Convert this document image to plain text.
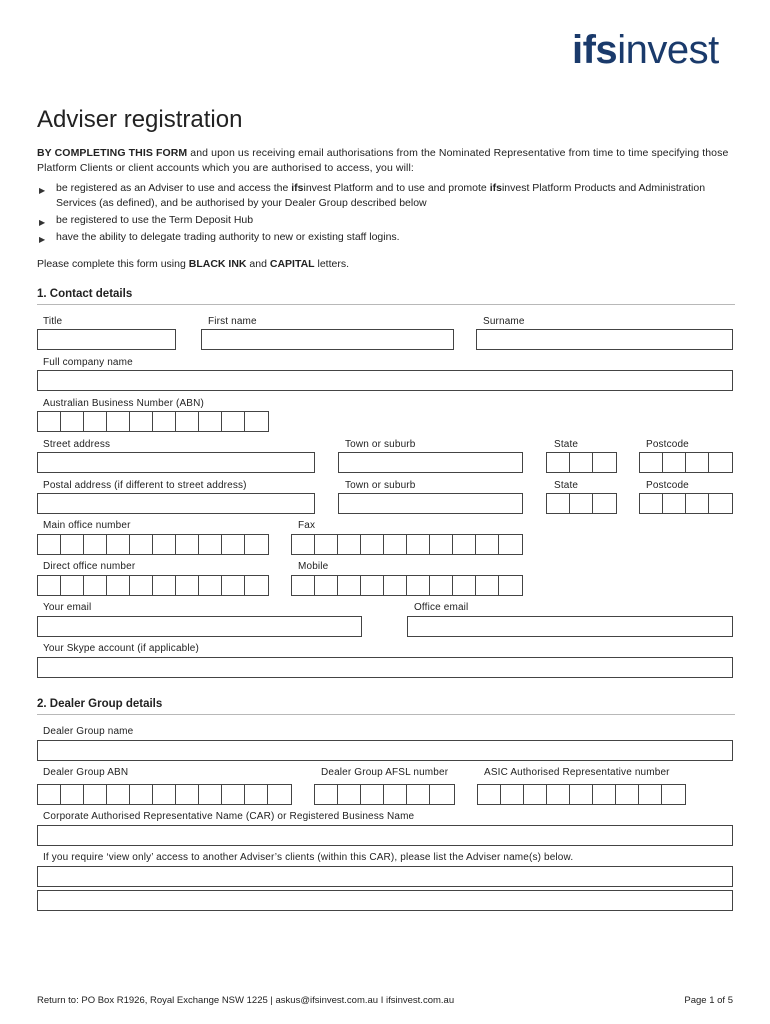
ifsinvest
Adviser registration
BY COMPLETING THIS FORM and upon us receiving email authorisations from the Nominated Representative from time to time specifying those Platform Clients or client accounts which you are authorised to access, you will:
▶ be registered as an Adviser to use and access the ifsinvest Platform and to use and promote ifsinvest Platform Products and Administration Services (as defined), and be authorised by your Dealer Group described below
▶ be registered to use the Term Deposit Hub
▶ have the ability to delegate trading authority to new or existing staff logins.
Please complete this form using BLACK INK and CAPITAL letters.
1. Contact details
Title	First name	Surname
Full company name
Australian Business Number (ABN)
Street address	Town or suburb	State	Postcode
Postal address (if different to street address)	Town or suburb	State	Postcode
Main office number	Fax
Direct office number	Mobile
Your email	Office email
Your Skype account (if applicable)
2. Dealer Group details
Dealer Group name
Dealer Group ABN	Dealer Group AFSL number	ASIC Authorised Representative number
Corporate Authorised Representative Name (CAR) or Registered Business Name
If you require ‘view only’ access to another Adviser’s clients (within this CAR), please list the Adviser name(s) below.
Return to: PO Box R1926, Royal Exchange NSW 1225 | askus@ifsinvest.com.au I ifsinvest.com.au	Page 1 of 5
